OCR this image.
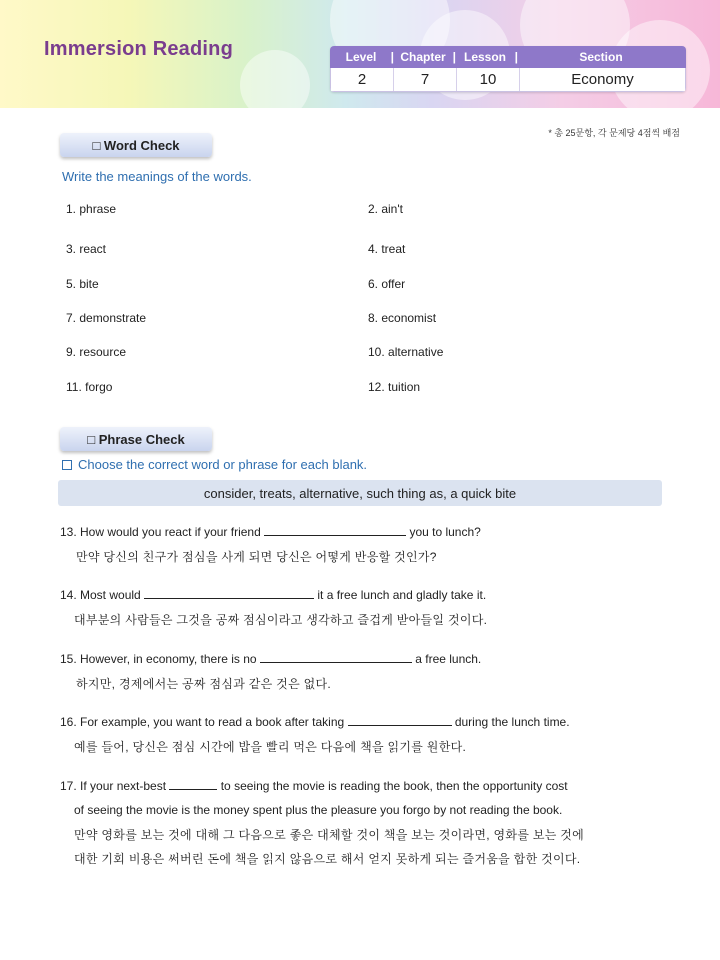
Immersion Reading	Level |	Chapter |	Lesson |	Section
2	7	10	Economy
* 총 25문항, 각 문제당 4점씩 배점
□ Word Check
Write the meanings of the words.
1. phrase	2. ain't
3. react	4. treat
5. bite	6. offer
7. demonstrate	8. economist
9. resource	10. alternative
11. forgo	12. tuition
□ Phrase Check
Choose the correct word or phrase for each blank.
consider, treats, alternative, such thing as, a quick bite
13. How would you react if your friend	you to lunch?
만약 당신의 친구가 점심을 사게 되면 당신은 어떻게 반응할 것인가?
14. Most would	it a free lunch and gladly take it.
대부분의 사람들은 그것을 공짜 점심이라고 생각하고 즐겁게 받아들일 것이다.
15. However, in economy, there is no	a free lunch.
하지만, 경제에서는 공짜 점심과 같은 것은 없다.
16. For example, you want to read a book after taking	during the lunch time.
예를 들어, 당신은 점심 시간에 밥을 빨리 먹은 다음에 책을 읽기를 원한다.
17. If your next-best	to seeing the movie is reading the book, then the opportunity cost
of seeing the movie is the money spent plus the pleasure you forgo by not reading the book.
만약 영화를 보는 것에 대해 그 다음으로 좋은 대체할 것이 책을 보는 것이라면, 영화를 보는 것에
대한 기회 비용은 써버린 돈에 책을 읽지 않음으로 해서 얻지 못하게 되는 즐거움을 합한 것이다.
